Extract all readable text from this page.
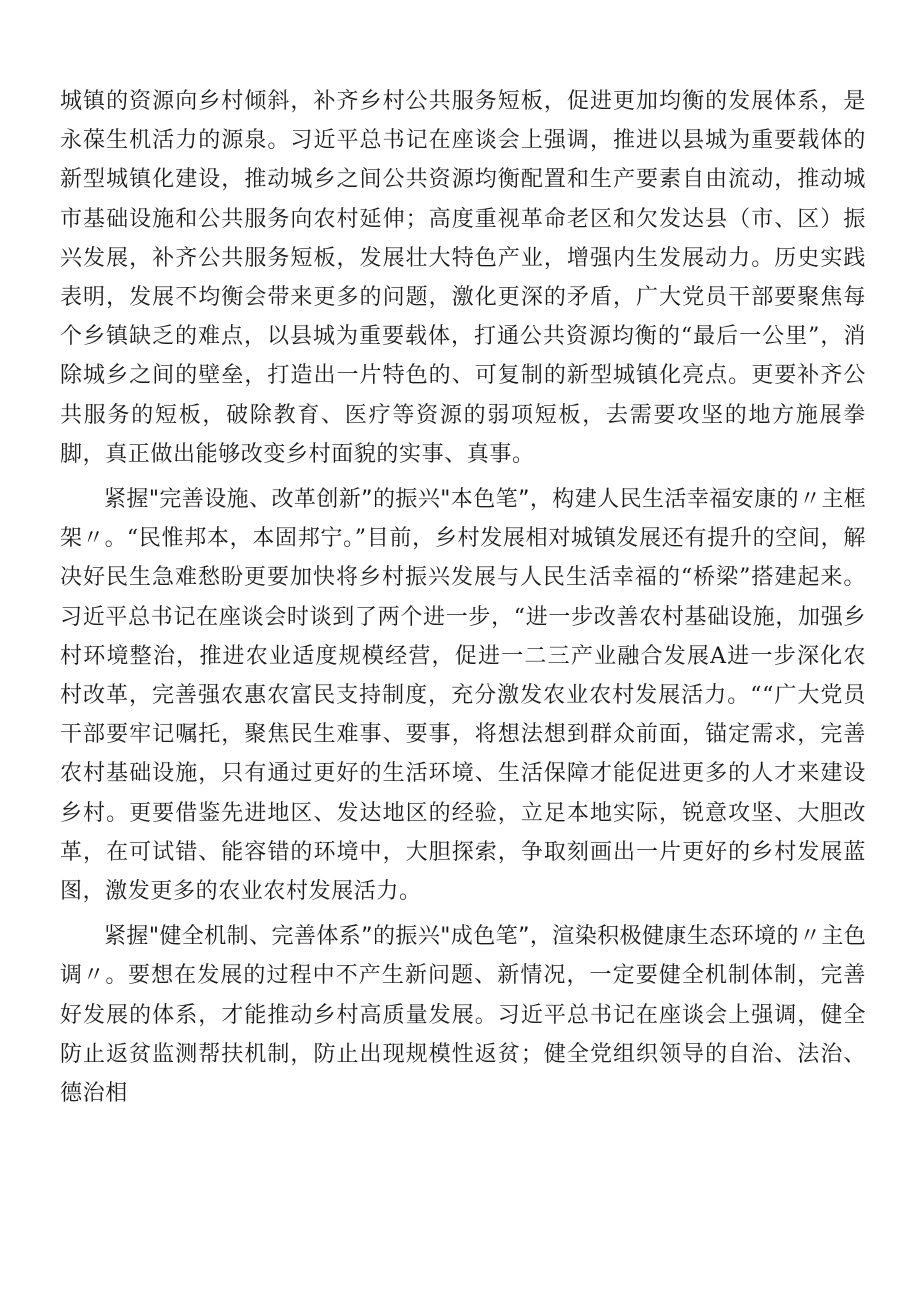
城镇的资源向乡村倾斜，补齐乡村公共服务短板，促进更加均衡的发展体系，是永葆生机活力的源泉。习近平总书记在座谈会上强调，推进以县城为重要载体的新型城镇化建设，推动城乡之间公共资源均衡配置和生产要素自由流动，推动城市基础设施和公共服务向农村延伸；高度重视革命老区和欠发达县（市、区）振兴发展，补齐公共服务短板，发展壮大特色产业，增强内生发展动力。历史实践表明，发展不均衡会带来更多的问题，激化更深的矛盾，广大党员干部要聚焦每个乡镇缺乏的难点，以县城为重要载体，打通公共资源均衡的“最后一公里”，消除城乡之间的壁垒，打造出一片特色的、可复制的新型城镇化亮点。更要补齐公共服务的短板，破除教育、医疗等资源的弱项短板，去需要攻坚的地方施展拳脚，真正做出能够改变乡村面貌的实事、真事。

紧握"完善设施、改革创新”的振兴"本色笔”，构建人民生活幸福安康的〃主框架〃。“民惟邦本，本固邦宁。”目前，乡村发展相对城镇发展还有提升的空间，解决好民生急难愁盼更要加快将乡村振兴发展与人民生活幸福的“桥梁”搭建起来。习近平总书记在座谈会时谈到了两个进一步，“进一步改善农村基础设施，加强乡村环境整治，推进农业适度规模经营，促进一二三产业融合发展A进一步深化农村改革，完善强农惠农富民支持制度，充分激发农业农村发展活力。““广大党员干部要牢记嘱托，聚焦民生难事、要事，将想法想到群众前面，锚定需求，完善农村基础设施，只有通过更好的生活环境、生活保障才能促进更多的人才来建设乡村。更要借鉴先进地区、发达地区的经验，立足本地实际，锐意攻坚、大胆改革，在可试错、能容错的环境中，大胆探索，争取刻画出一片更好的乡村发展蓝图，激发更多的农业农村发展活力。

紧握"健全机制、完善体系”的振兴"成色笔”，渲染积极健康生态环境的〃主色调〃。要想在发展的过程中不产生新问题、新情况，一定要健全机制体制，完善好发展的体系，才能推动乡村高质量发展。习近平总书记在座谈会上强调，健全防止返贫监测帮扶机制，防止出现规模性返贫；健全党组织领导的自治、法治、德治相
